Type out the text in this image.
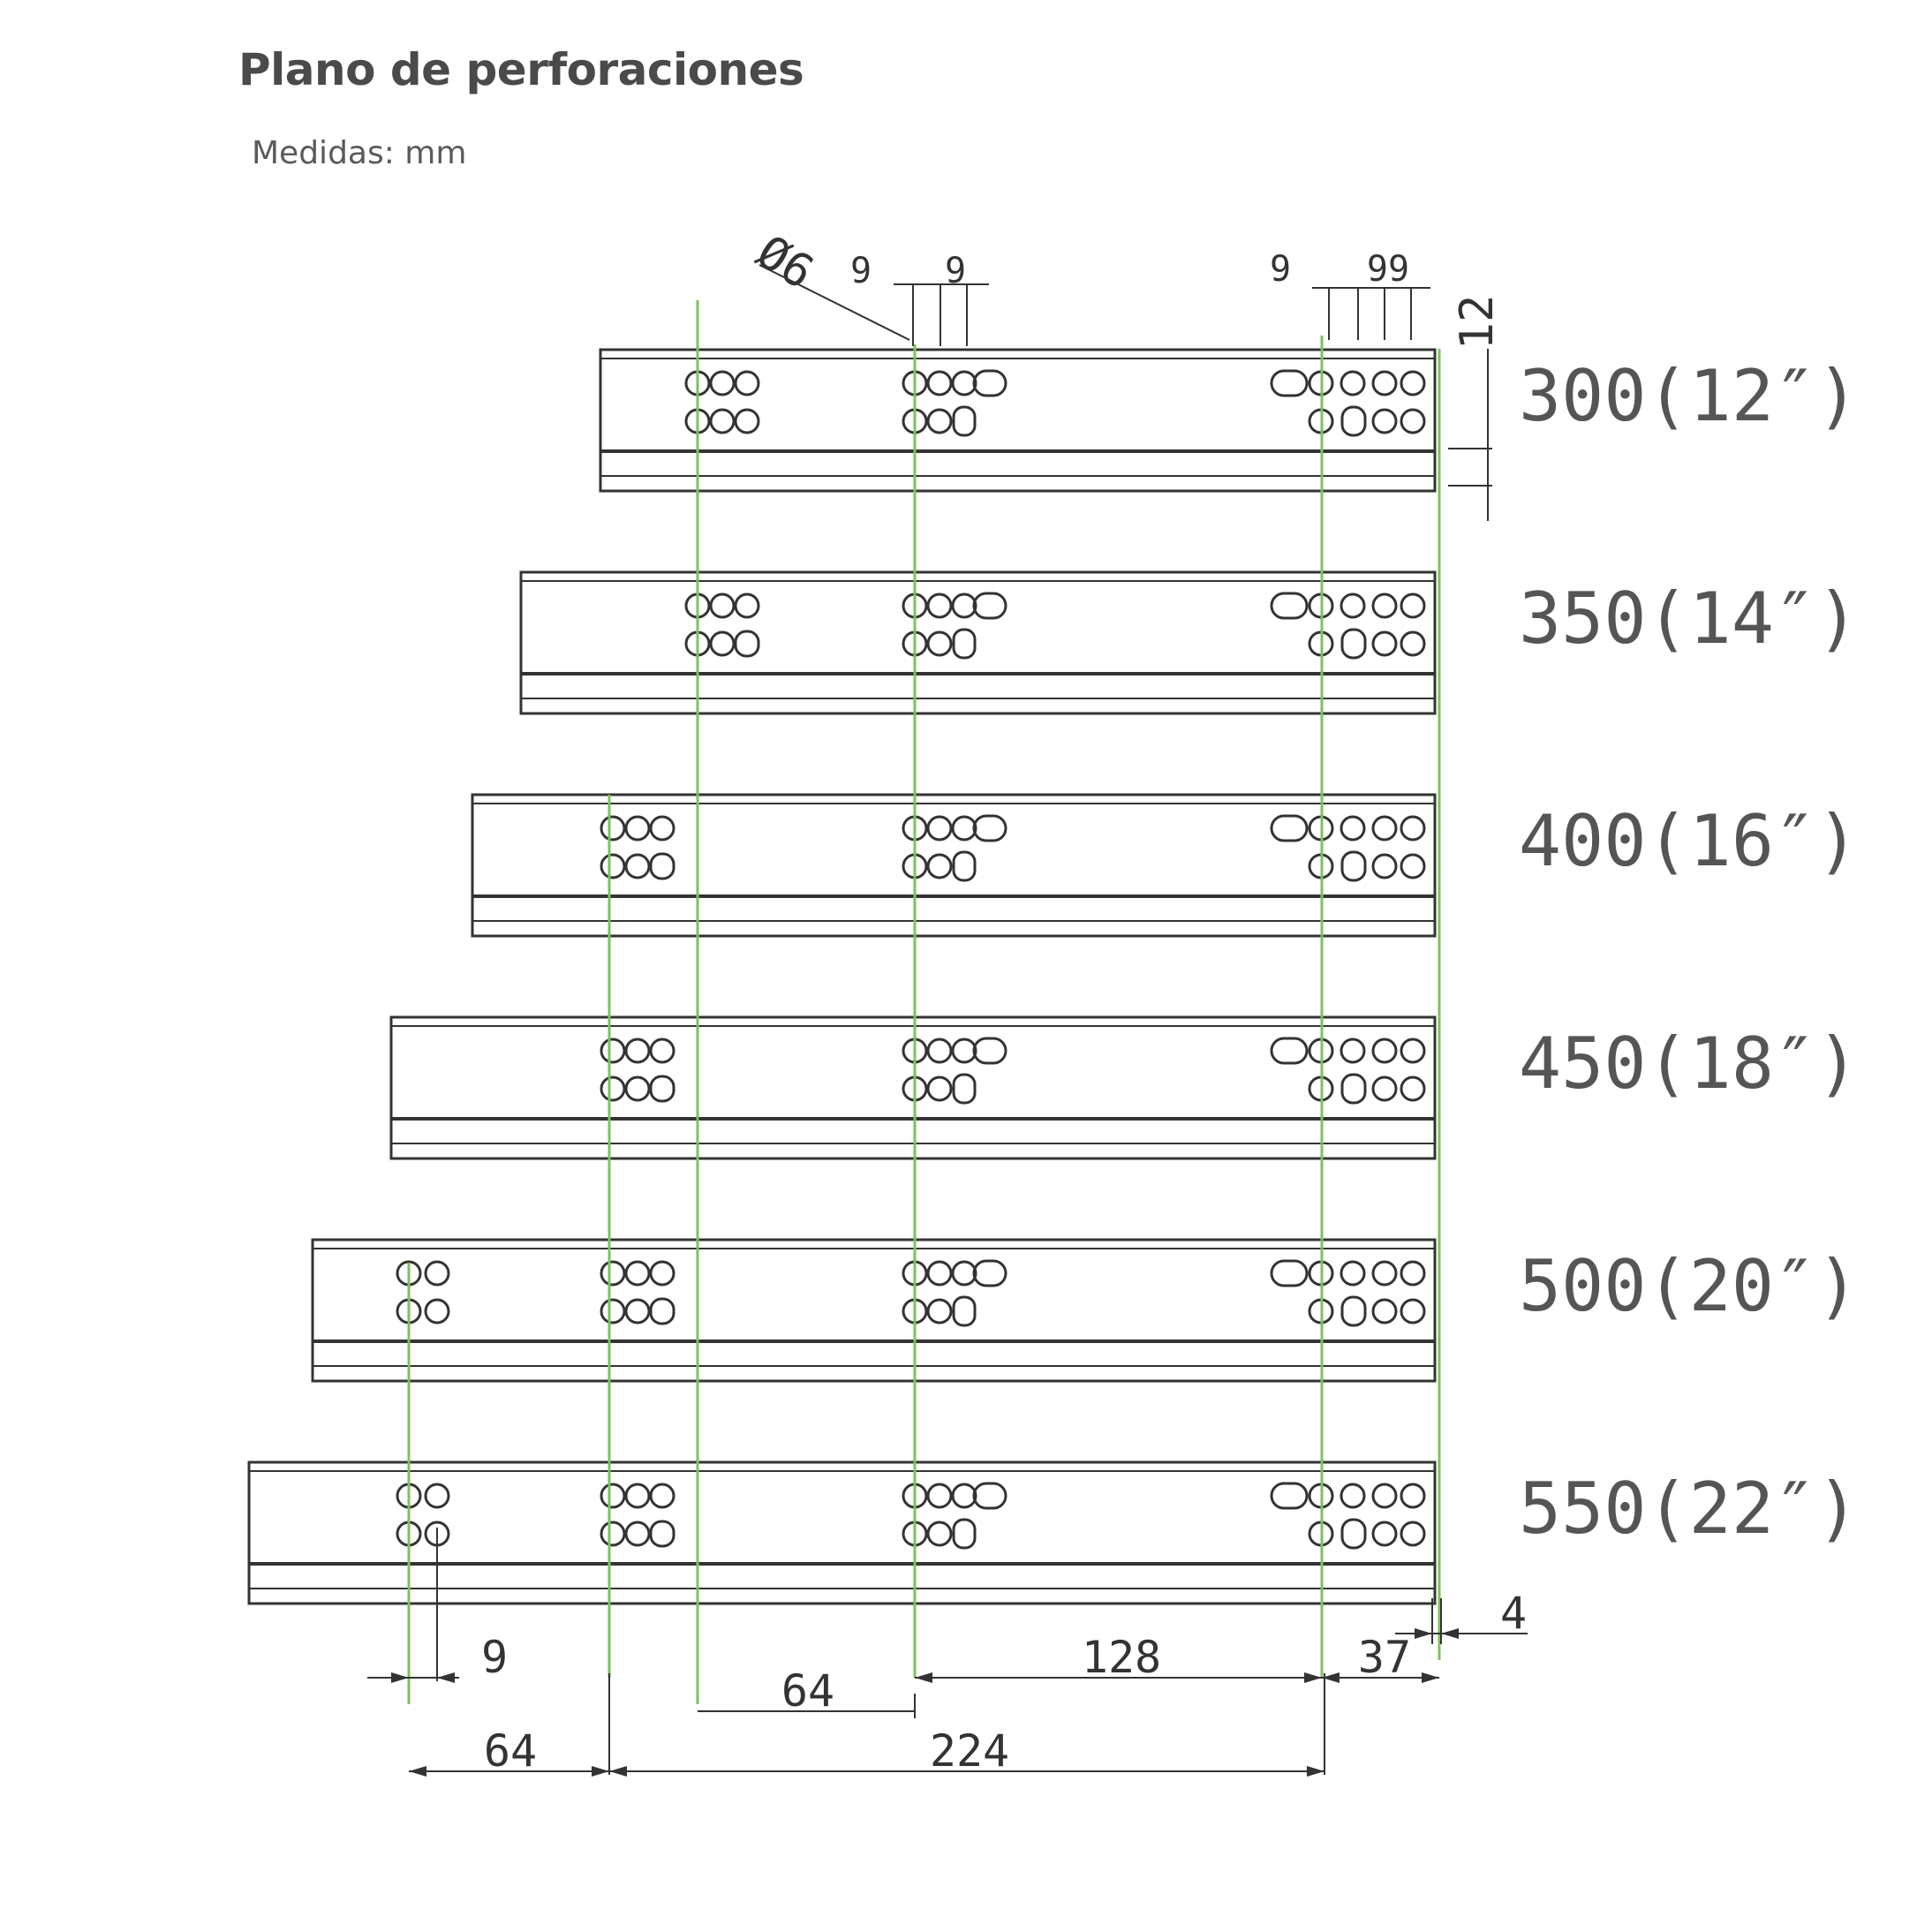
Plano de perforaciones
Medidas: mm
300(12″)
350(14″)
400(16″)
450(18″)
500(20″)
550(22″)
Ø6 9 9	9 99
12
9
64
64
128
224
37
4
